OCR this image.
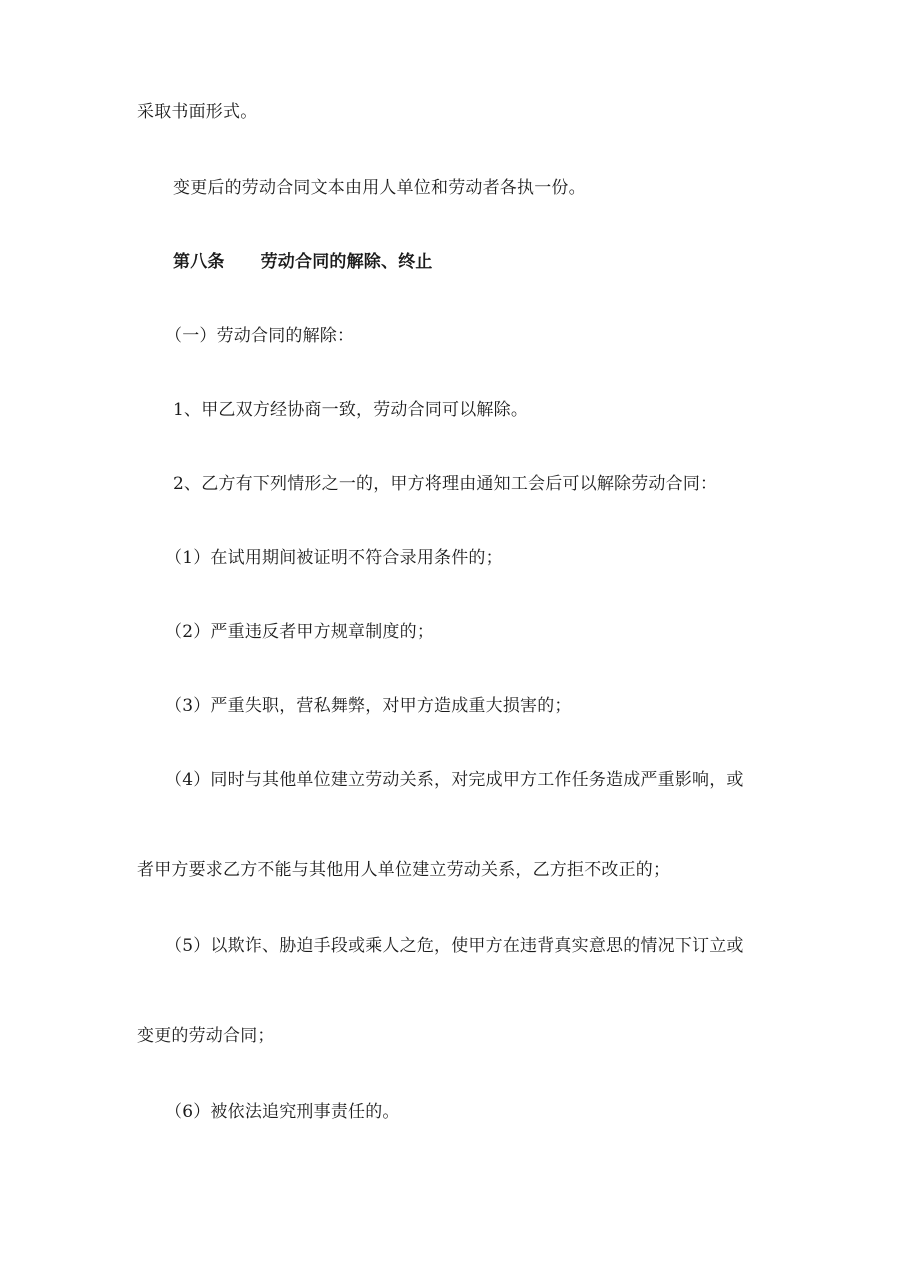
采取书面形式。
变更后的劳动合同文本由用人单位和劳动者各执一份。
第八条 劳动合同的解除、终止
（一）劳动合同的解除：
1、甲乙双方经协商一致，劳动合同可以解除。
2、乙方有下列情形之一的，甲方将理由通知工会后可以解除劳动合同：
（1）在试用期间被证明不符合录用条件的；
（2）严重违反者甲方规章制度的；
（3）严重失职，营私舞弊，对甲方造成重大损害的；
（4）同时与其他单位建立劳动关系，对完成甲方工作任务造成严重影响，或
者甲方要求乙方不能与其他用人单位建立劳动关系，乙方拒不改正的；
（5）以欺诈、胁迫手段或乘人之危，使甲方在违背真实意思的情况下订立或
变更的劳动合同；
（6）被依法追究刑事责任的。
